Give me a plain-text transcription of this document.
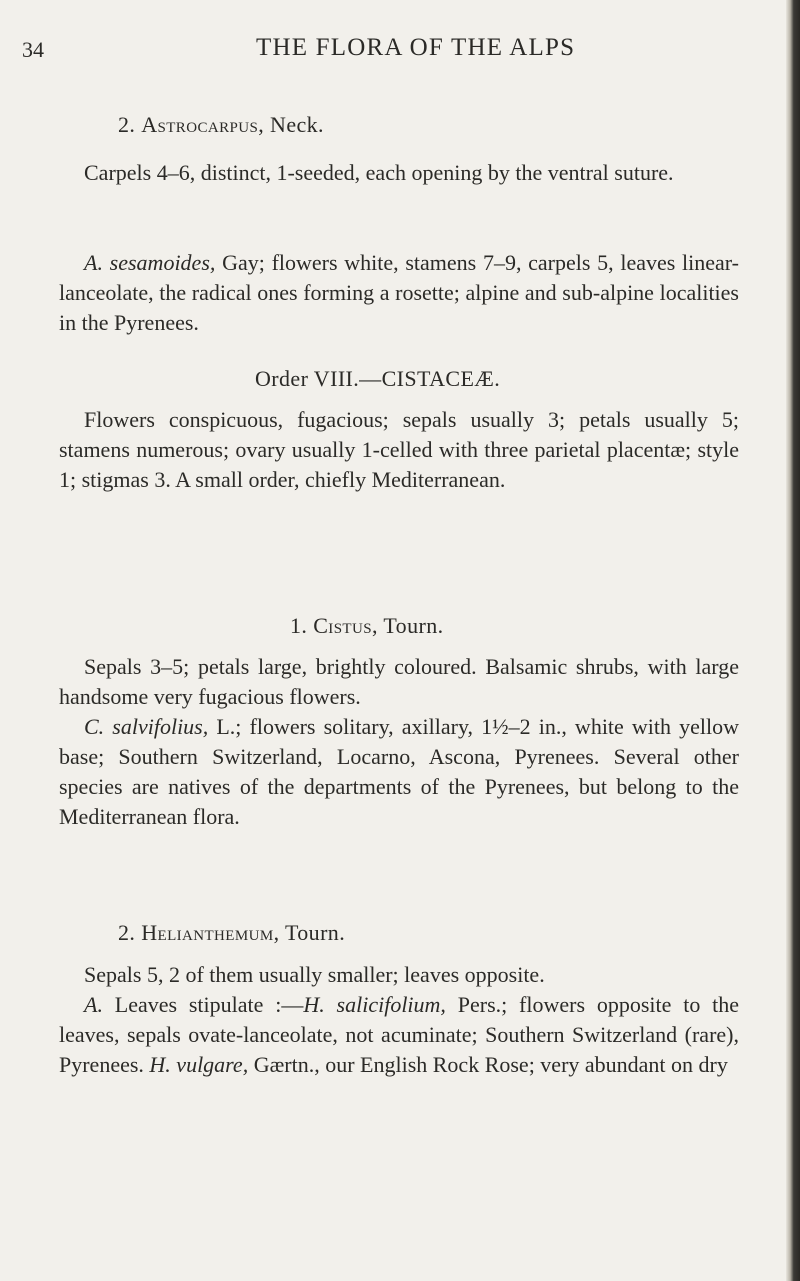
34	THE FLORA OF THE ALPS
2. Astrocarpus, Neck.

Carpels 4–6, distinct, 1-seeded, each opening by the ventral suture.

A. sesamoides, Gay; flowers white, stamens 7–9, carpels 5, leaves linear-lanceolate, the radical ones forming a rosette; alpine and sub-alpine localities in the Pyrenees.

Order VIII.—CISTACEÆ.

Flowers conspicuous, fugacious; sepals usually 3; petals usually 5; stamens numerous; ovary usually 1-celled with three parietal placentæ; style 1; stigmas 3. A small order, chiefly Mediterranean.

1. Cistus, Tourn.

Sepals 3–5; petals large, brightly coloured. Balsamic shrubs, with large handsome very fugacious flowers.

C. salvifolius, L.; flowers solitary, axillary, 1½–2 in., white with yellow base; Southern Switzerland, Locarno, Ascona, Pyrenees. Several other species are natives of the departments of the Pyrenees, but belong to the Mediterranean flora.

2. Helianthemum, Tourn.

Sepals 5, 2 of them usually smaller; leaves opposite.

A. Leaves stipulate :—H. salicifolium, Pers.; flowers opposite to the leaves, sepals ovate-lanceolate, not acuminate; Southern Switzerland (rare), Pyrenees. H. vulgare, Gærtn., our English Rock Rose; very abundant on dry
